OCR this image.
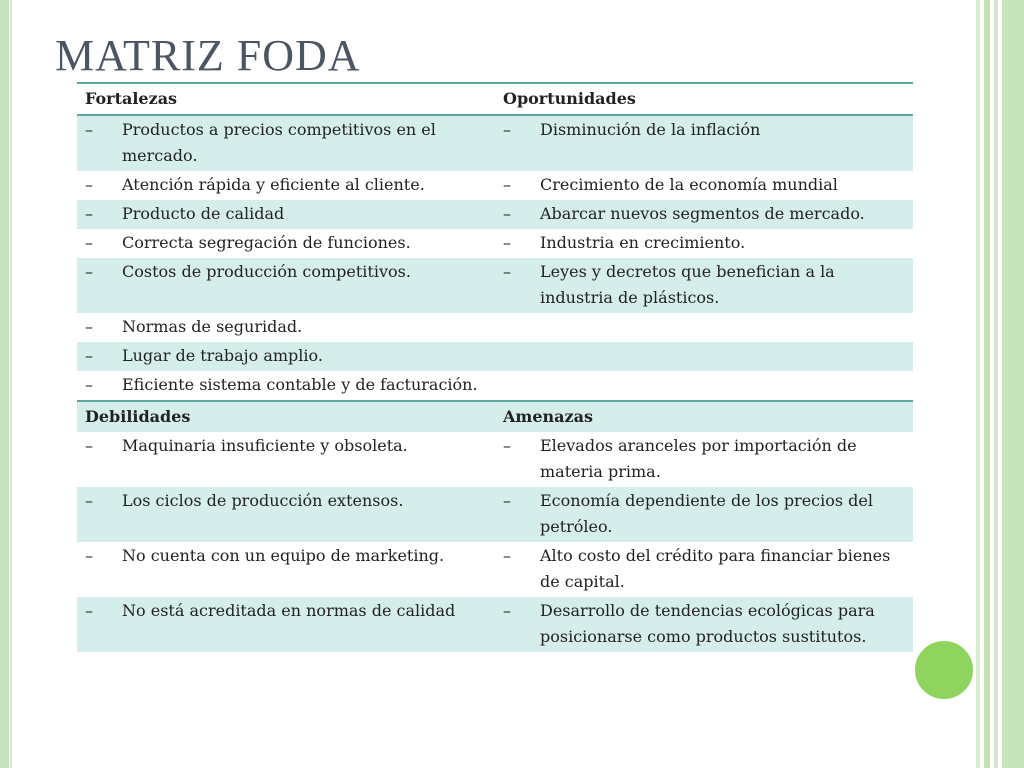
MATRIZ FODA
Fortalezas	Oportunidades

– Productos a precios competitivos en el mercado.	– Disminución de la inflación

– Atención rápida y eficiente al cliente.	– Crecimiento de la economía mundial

– Producto de calidad	– Abarcar nuevos segmentos de mercado.

– Correcta segregación de funciones.	– Industria en crecimiento.

– Costos de producción competitivos.	– Leyes y decretos que benefician a la industria de plásticos.

– Normas de seguridad.	

– Lugar de trabajo amplio.	

– Eficiente sistema contable y de facturación.	

Debilidades	Amenazas

– Maquinaria insuficiente y obsoleta.	– Elevados aranceles por importación de materia prima.

– Los ciclos de producción extensos.	– Economía dependiente de los precios del petróleo.

– No cuenta con un equipo de marketing.	– Alto costo del crédito para financiar bienes de capital.

– No está acreditada en normas de calidad	– Desarrollo de tendencias ecológicas para posicionarse como productos sustitutos.
